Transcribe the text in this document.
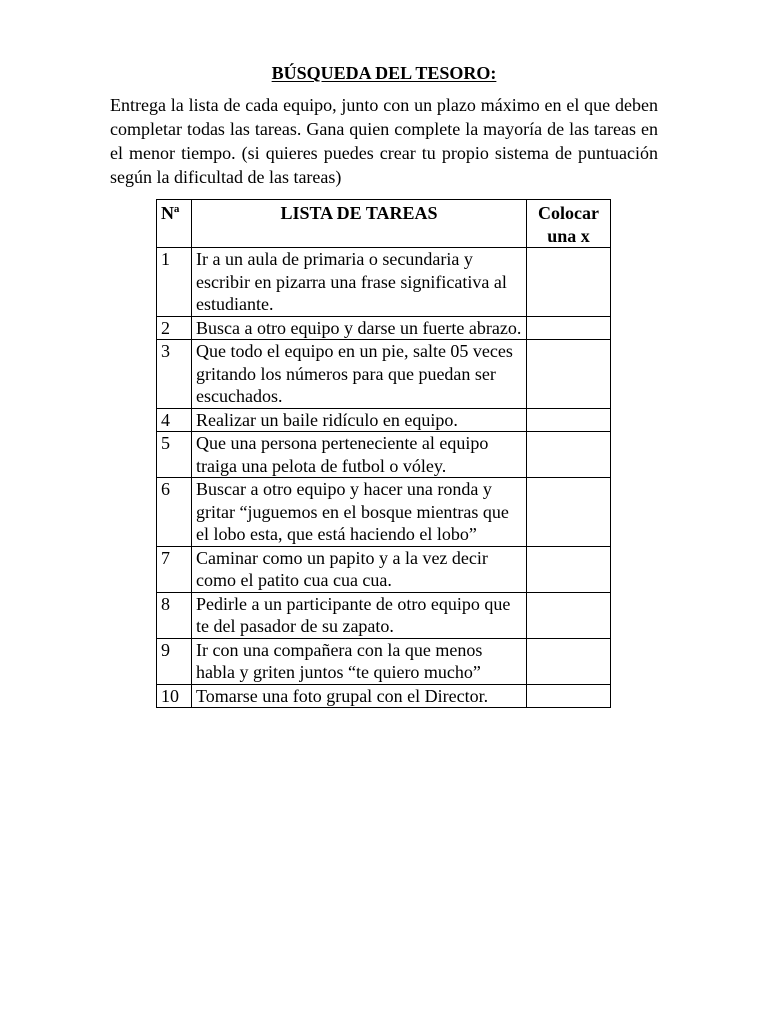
BÚSQUEDA DEL TESORO:
Entrega la lista de cada equipo, junto con un plazo máximo en el que deben completar todas las tareas. Gana quien complete la mayoría de las tareas en el menor tiempo. (si quieres puedes crear tu propio sistema de puntuación según la dificultad de las tareas)
Nª	LISTA DE TAREAS	Colocar una x
1	Ir a un aula de primaria o secundaria y escribir en pizarra una frase significativa al estudiante.	
2	Busca a otro equipo y darse un fuerte abrazo.	
3	Que todo el equipo en un pie, salte 05 veces gritando los números para que puedan ser escuchados.	
4	Realizar un baile ridículo en equipo.	
5	Que una persona perteneciente al equipo traiga una pelota de futbol o vóley.	
6	Buscar a otro equipo y hacer una ronda y gritar “juguemos en el bosque mientras que el lobo esta, que está haciendo el lobo”	
7	Caminar como un papito y a la vez decir como el patito cua cua cua.	
8	Pedirle a un participante de otro equipo que te del pasador de su zapato.	
9	Ir con una compañera con la que menos habla y griten juntos “te quiero mucho”	
10	Tomarse una foto grupal con el Director.	
